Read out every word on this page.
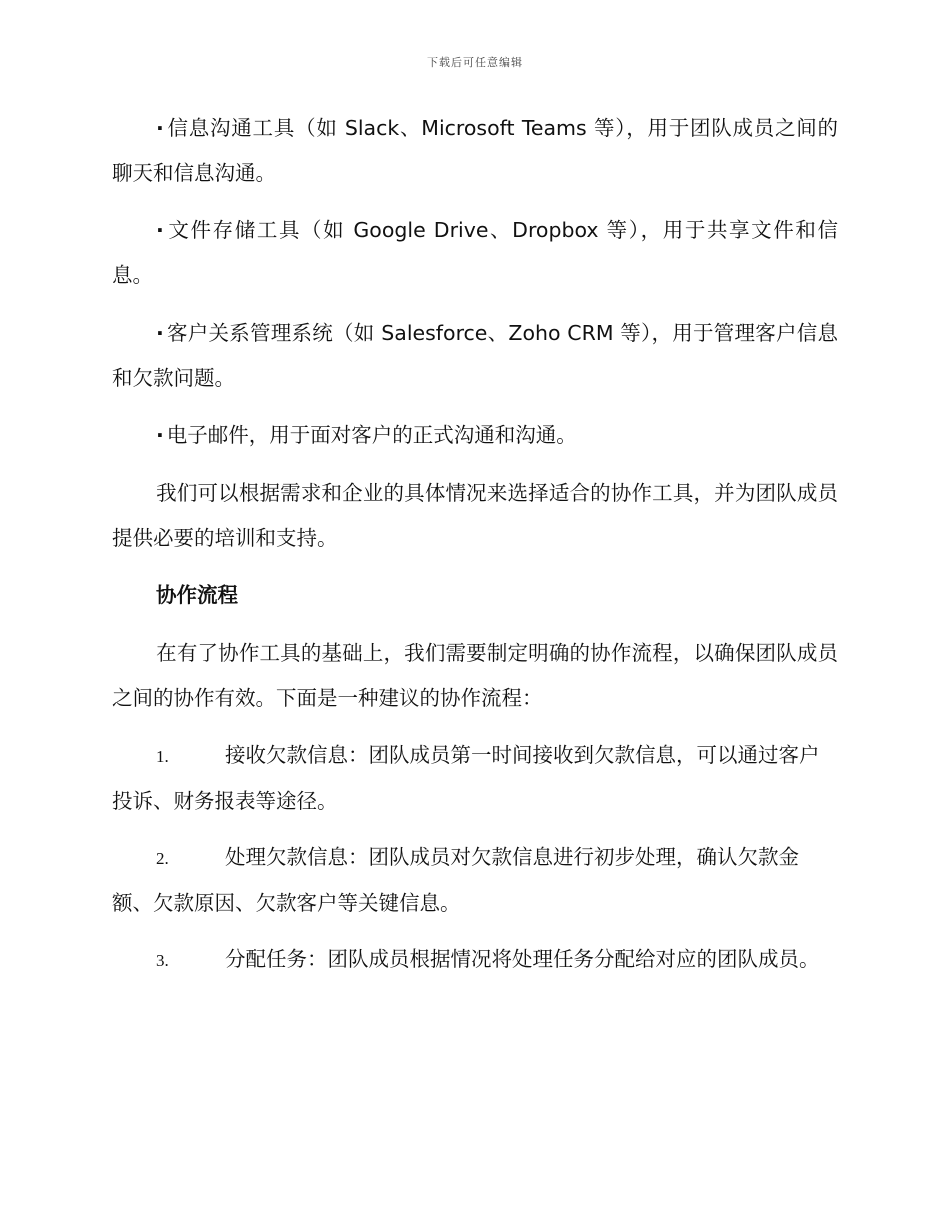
下载后可任意编辑

· 信息沟通工具（如 Slack、Microsoft Teams 等），用于团队成员之间的聊天和信息沟通。

· 文件存储工具（如 Google Drive、Dropbox 等），用于共享文件和信息。

· 客户关系管理系统（如 Salesforce、Zoho CRM 等），用于管理客户信息和欠款问题。

· 电子邮件，用于面对客户的正式沟通和沟通。

我们可以根据需求和企业的具体情况来选择适合的协作工具，并为团队成员提供必要的培训和支持。

协作流程

在有了协作工具的基础上，我们需要制定明确的协作流程，以确保团队成员之间的协作有效。下面是一种建议的协作流程：

1.	接收欠款信息：团队成员第一时间接收到欠款信息，可以通过客户投诉、财务报表等途径。

2.	处理欠款信息：团队成员对欠款信息进行初步处理，确认欠款金额、欠款原因、欠款客户等关键信息。

3.	分配任务：团队成员根据情况将处理任务分配给对应的团队成员。
